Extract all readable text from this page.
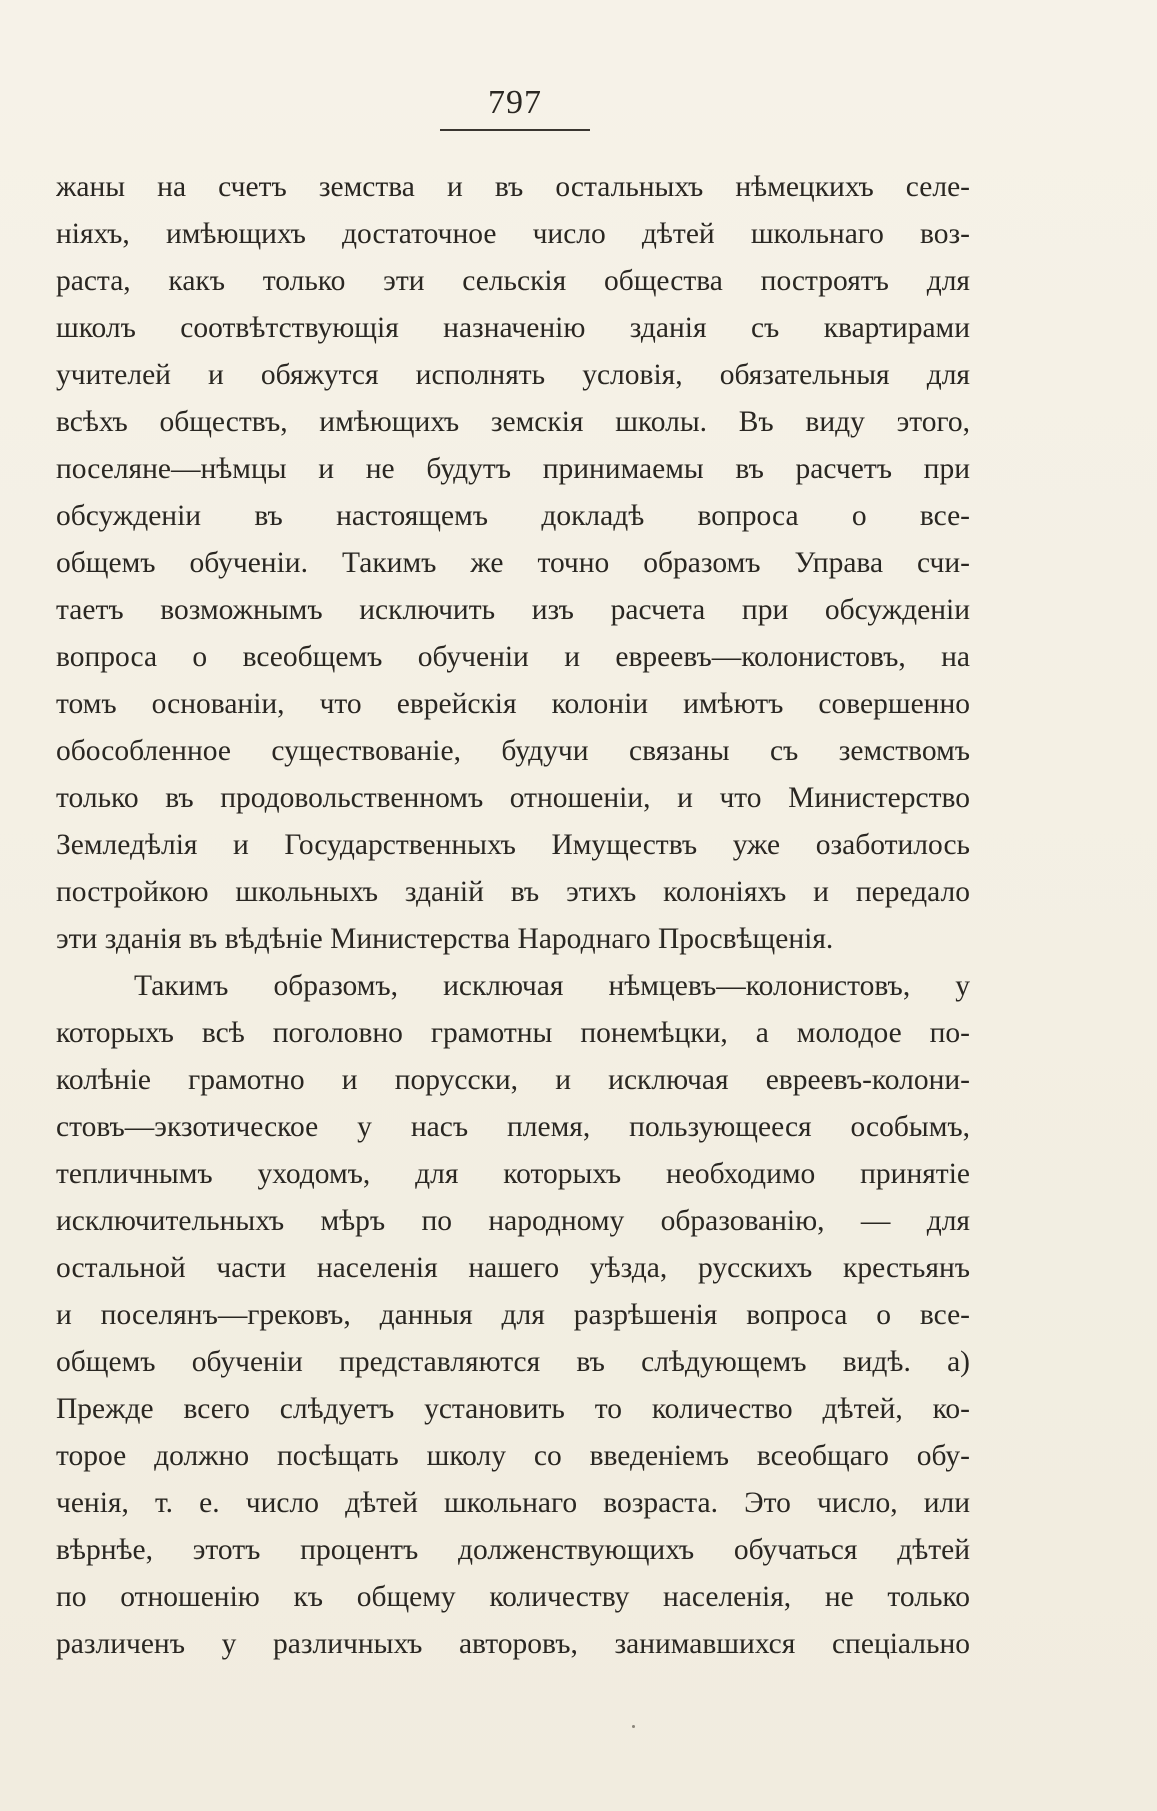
797
жаны на счетъ земства и въ остальныхъ нѣмецкихъ селе-
ніяхъ, имѣющихъ достаточное число дѣтей школьнаго воз-
раста, какъ только эти сельскія общества построятъ для
школъ соотвѣтствующія назначенію зданія съ квартирами
учителей и обяжутся исполнять условія, обязательныя для
всѣхъ обществъ, имѣющихъ земскія школы. Въ виду этого,
поселяне—нѣмцы и не будутъ принимаемы въ расчетъ при
обсужденіи въ настоящемъ докладѣ вопроса о все-
общемъ обученіи. Такимъ же точно образомъ Управа счи-
таетъ возможнымъ исключить изъ расчета при обсужденіи
вопроса о всеобщемъ обученіи и евреевъ—колонистовъ, на
томъ основаніи, что еврейскія колоніи имѣютъ совершенно
обособленное существованіе, будучи связаны съ земствомъ
только въ продовольственномъ отношеніи, и что Министерство
Земледѣлія и Государственныхъ Имуществъ уже озаботилось
постройкою школьныхъ зданій въ этихъ колоніяхъ и передало
эти зданія въ вѣдѣніе Министерства Народнаго Просвѣщенія.
Такимъ образомъ, исключая нѣмцевъ—колонистовъ, у
которыхъ всѣ поголовно грамотны понемѣцки, а молодое по-
колѣніе грамотно и порусски, и исключая евреевъ-колони-
стовъ—экзотическое у насъ племя, пользующееся особымъ,
тепличнымъ уходомъ, для которыхъ необходимо принятіе
исключительныхъ мѣръ по народному образованію, — для
остальной части населенія нашего уѣзда, русскихъ крестьянъ
и поселянъ—грековъ, данныя для разрѣшенія вопроса о все-
общемъ обученіи представляются въ слѣдующемъ видѣ. а)
Прежде всего слѣдуетъ установить то количество дѣтей, ко-
торое должно посѣщать школу со введеніемъ всеобщаго обу-
ченія, т. е. число дѣтей школьнаго возраста. Это число, или
вѣрнѣе, этотъ процентъ долженствующихъ обучаться дѣтей
по отношенію къ общему количеству населенія, не только
различенъ у различныхъ авторовъ, занимавшихся спеціально
